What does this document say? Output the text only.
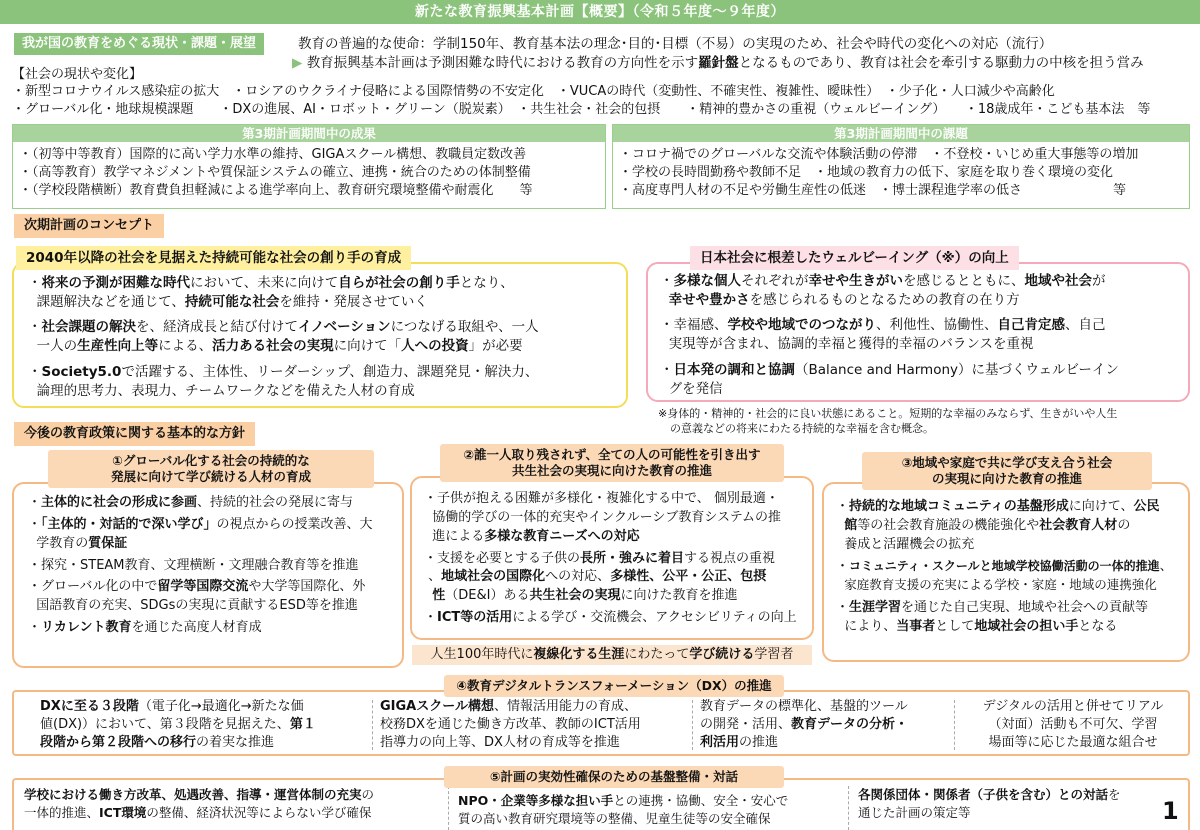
新たな教育振興基本計画【概要】（令和５年度～９年度）
我が国の教育をめぐる現状・課題・展望	教育の普遍的な使命：学制150年、教育基本法の理念･目的･目標（不易）の実現のため、社会や時代の変化への対応（流行）
▶ 教育振興基本計画は予測困難な時代における教育の方向性を示す羅針盤となるものであり、教育は社会を牽引する駆動力の中核を担う営み
【社会の現状や変化】
・新型コロナウイルス感染症の拡大　・ロシアのウクライナ侵略による国際情勢の不安定化　・VUCAの時代（変動性、不確実性、複雑性、曖昧性）　・少子化・人口減少や高齢化
・グローバル化・地球規模課題　　・DXの進展、AI・ロボット・グリーン（脱炭素）　・共生社会・社会的包摂　　・精神的豊かさの重視（ウェルビーイング）　　・18歳成年・こども基本法　等
第3期計画期間中の成果
・（初等中等教育）国際的に高い学力水準の維持、GIGAスクール構想、教職員定数改善
・（高等教育）教学マネジメントや質保証システムの確立、連携・統合のための体制整備
・（学校段階横断）教育費負担軽減による進学率向上、教育研究環境整備や耐震化　　等
第3期計画期間中の課題
・コロナ禍でのグローバルな交流や体験活動の停滞　・不登校・いじめ重大事態等の増加
・学校の長時間勤務や教師不足　・地域の教育力の低下、家庭を取り巻く環境の変化
・高度専門人材の不足や労働生産性の低迷　・博士課程進学率の低さ　　　　　　　等
次期計画のコンセプト

・将来の予測が困難な時代において、未来に向けて自らが社会の創り手となり、
課題解決などを通じて、持続可能な社会を維持・発展させていく

・社会課題の解決を、経済成長と結び付けてイノベーションにつなげる取組や、一人
一人の生産性向上等による、活力ある社会の実現に向けて「人への投資」が必要

・Society5.0で活躍する、主体性、リーダーシップ、創造力、課題発見・解決力、
論理的思考力、表現力、チームワークなどを備えた人材の育成

2040年以降の社会を見据えた持続可能な社会の創り手の育成

・多様な個人それぞれが幸せや生きがいを感じるとともに、地域や社会が
幸せや豊かさを感じられるものとなるための教育の在り方

・幸福感、学校や地域でのつながり、利他性、協働性、自己肯定感、自己
実現等が含まれ、協調的幸福と獲得的幸福のバランスを重視

・日本発の調和と協調（Balance and Harmony）に基づくウェルビーイン
グを発信

日本社会に根差したウェルビーイング（※）の向上
※身体的・精神的・社会的に良い状態にあること。短期的な幸福のみならず、生きがいや人生
の意義などの将来にわたる持続的な幸福を含む概念。
今後の教育政策に関する基本的な方針

・主体的に社会の形成に参画、持続的社会の発展に寄与

・「主体的・対話的で深い学び」の視点からの授業改善、大
学教育の質保証

・探究・STEAM教育、文理横断・文理融合教育等を推進

・グローバル化の中で留学等国際交流や大学等国際化、外
国語教育の充実、SDGsの実現に貢献するESD等を推進

・リカレント教育を通じた高度人材育成

①グローバル化する社会の持続的な
発展に向けて学び続ける人材の育成

・子供が抱える困難が多様化・複雑化する中で、 個別最適・
協働的学びの一体的充実やインクルーシブ教育システムの推
進による多様な教育ニーズへの対応

・支援を必要とする子供の長所・強みに着目する視点の重視
、地域社会の国際化への対応、多様性、公平・公正、包摂
性（DE&I）ある共生社会の実現に向けた教育を推進

・ICT等の活用による学び・交流機会、アクセシビリティの向上

②誰一人取り残されず、全ての人の可能性を引き出す
共生社会の実現に向けた教育の推進
人生100年時代に複線化する生涯にわたって学び続ける学習者

・持続的な地域コミュニティの基盤形成に向けて、公民
館等の社会教育施設の機能強化や社会教育人材の
養成と活躍機会の拡充

・コミュニティ・スクールと地域学校協働活動の一体的推進、
家庭教育支援の充実による学校・家庭・地域の連携強化

・生涯学習を通じた自己実現、地域や社会への貢献等
により、当事者として地域社会の担い手となる

③地域や家庭で共に学び支え合う社会
の実現に向けた教育の推進
DXに至る３段階（電子化→最適化→新たな価
値(DX)）において、第３段階を見据えた、第１
段階から第２段階への移行の着実な推進
GIGAスクール構想、情報活用能力の育成、
校務DXを通じた働き方改革、教師のICT活用
指導力の向上等、DX人材の育成等を推進
教育データの標準化、基盤的ツール
の開発・活用、教育データの分析・
利活用の推進
デジタルの活用と併せてリアル
（対面）活動も不可欠、学習
場面等に応じた最適な組合せ
④教育デジタルトランスフォーメーション（DX）の推進
学校における働き方改革、処遇改善、指導・運営体制の充実の
一体的推進、ICT環境の整備、経済状況等によらない学び確保
NPO・企業等多様な担い手との連携・協働、安全・安心で
質の高い教育研究環境等の整備、児童生徒等の安全確保
各関係団体・関係者（子供を含む）との対話を
通じた計画の策定等
⑤計画の実効性確保のための基盤整備・対話
1
